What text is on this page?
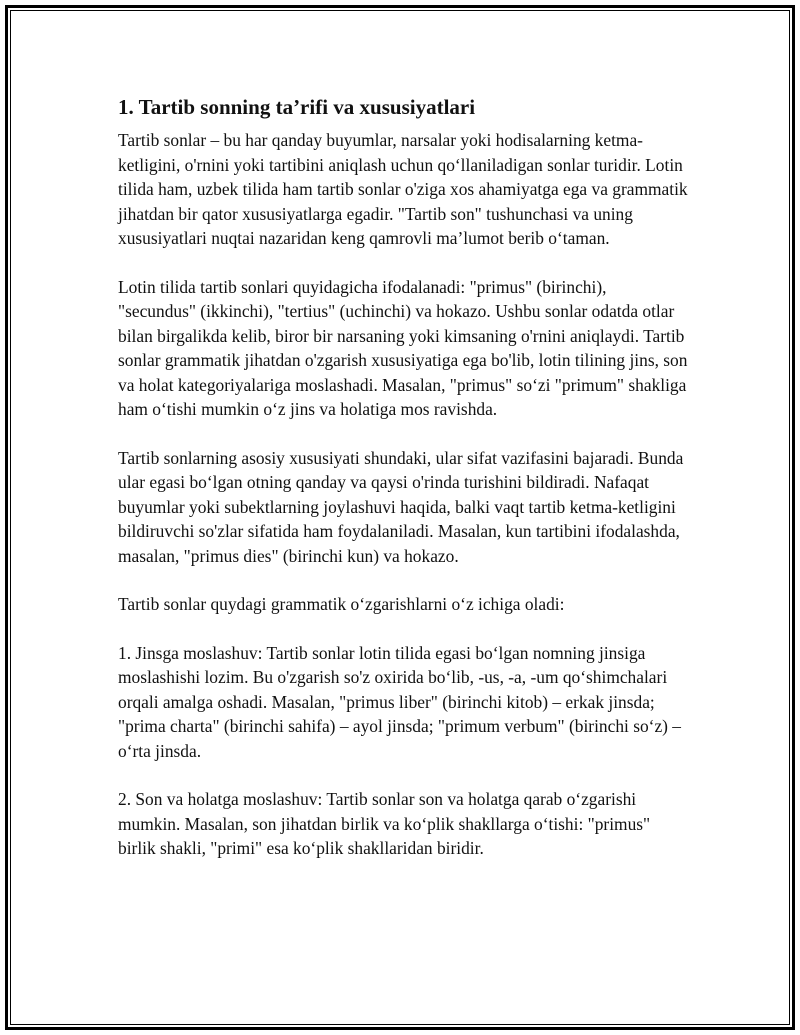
1. Tartib sonning ta’rifi va xususiyatlari

Tartib sonlar – bu har qanday buyumlar, narsalar yoki hodisalarning ketma-ketligini, o'rnini yoki tartibini aniqlash uchun qo‘llaniladigan sonlar turidir. Lotin tilida ham, uzbek tilida ham tartib sonlar o'ziga xos ahamiyatga ega va grammatik jihatdan bir qator xususiyatlarga egadir. "Tartib son" tushunchasi va uning xususiyatlari nuqtai nazaridan keng qamrovli ma’lumot berib o‘taman.

Lotin tilida tartib sonlari quyidagicha ifodalanadi: "primus" (birinchi), "secundus" (ikkinchi), "tertius" (uchinchi) va hokazo. Ushbu sonlar odatda otlar bilan birgalikda kelib, biror bir narsaning yoki kimsaning o'rnini aniqlaydi. Tartib sonlar grammatik jihatdan o'zgarish xususiyatiga ega bo'lib, lotin tilining jins, son va holat kategoriyalariga moslashadi. Masalan, "primus" so‘zi "primum" shakliga ham o‘tishi mumkin o‘z jins va holatiga mos ravishda.

Tartib sonlarning asosiy xususiyati shundaki, ular sifat vazifasini bajaradi. Bunda ular egasi bo‘lgan otning qanday va qaysi o'rinda turishini bildiradi. Nafaqat buyumlar yoki subektlarning joylashuvi haqida, balki vaqt tartib ketma-ketligini bildiruvchi so'zlar sifatida ham foydalaniladi. Masalan, kun tartibini ifodalashda, masalan, "primus dies" (birinchi kun) va hokazo.

Tartib sonlar quydagi grammatik o‘zgarishlarni o‘z ichiga oladi:

1. Jinsga moslashuv: Tartib sonlar lotin tilida egasi bo‘lgan nomning jinsiga moslashishi lozim. Bu o'zgarish so'z oxirida bo‘lib, -us, -a, -um qo‘shimchalari orqali amalga oshadi. Masalan, "primus liber" (birinchi kitob) – erkak jinsda; "prima charta" (birinchi sahifa) – ayol jinsda; "primum verbum" (birinchi so‘z) – o‘rta jinsda.

2. Son va holatga moslashuv: Tartib sonlar son va holatga qarab o‘zgarishi mumkin. Masalan, son jihatdan birlik va ko‘plik shakllarga o‘tishi: "primus" birlik shakli, "primi" esa ko‘plik shakllaridan biridir.
